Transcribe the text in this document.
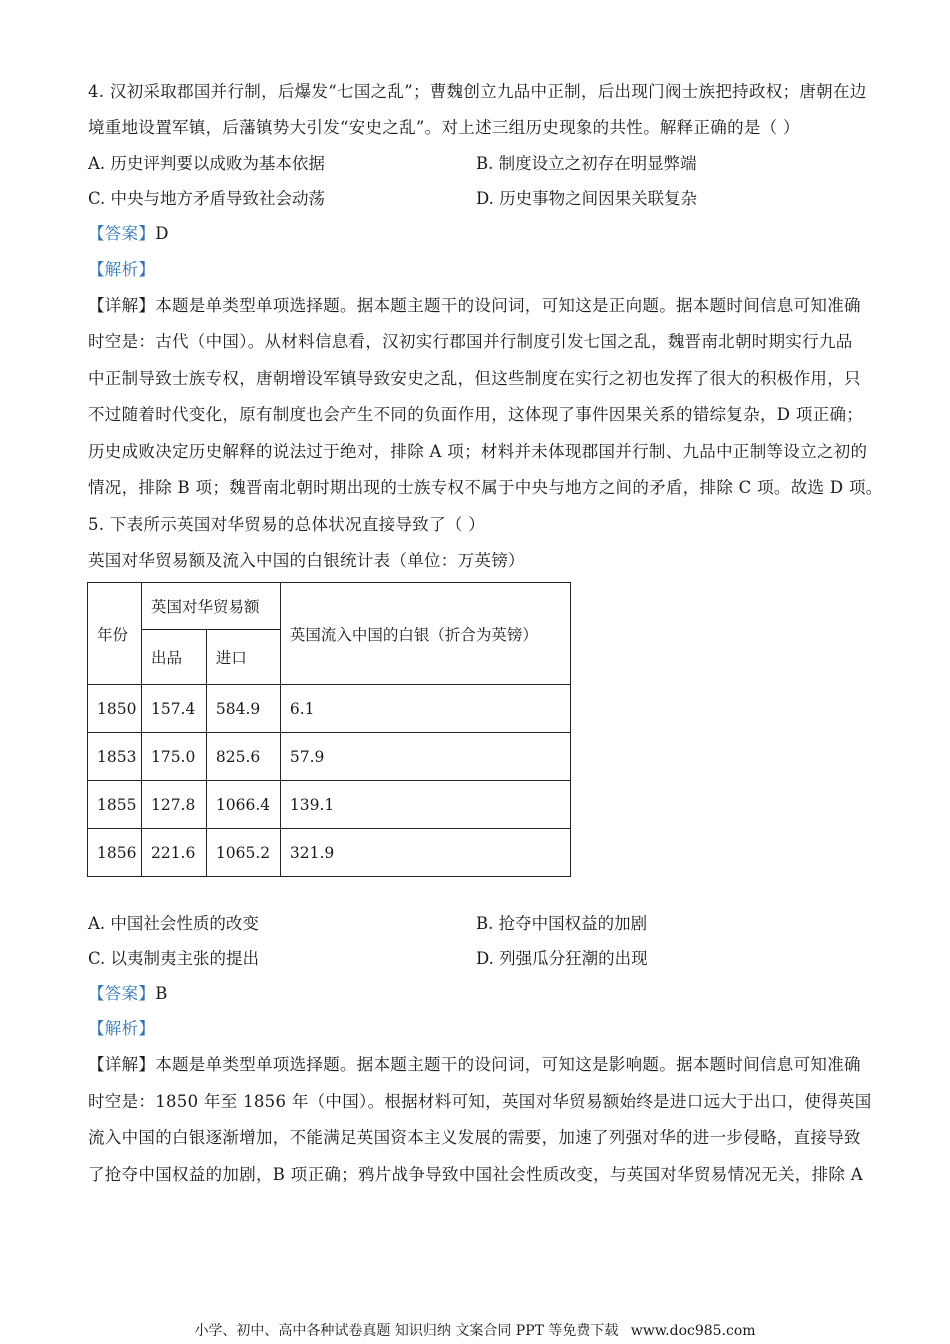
4. 汉初采取郡国并行制，后爆发“七国之乱”；曹魏创立九品中正制，后出现门阀士族把持政权；唐朝在边
境重地设置军镇，后藩镇势大引发“安史之乱”。对上述三组历史现象的共性。解释正确的是（ ）
A. 历史评判要以成败为基本依据	B. 制度设立之初存在明显弊端
C. 中央与地方矛盾导致社会动荡	D. 历史事物之间因果关联复杂
【答案】D
【解析】
【详解】本题是单类型单项选择题。据本题主题干的设问词，可知这是正向题。据本题时间信息可知准确
时空是：古代（中国）。从材料信息看，汉初实行郡国并行制度引发七国之乱，魏晋南北朝时期实行九品
中正制导致士族专权，唐朝增设军镇导致安史之乱，但这些制度在实行之初也发挥了很大的积极作用，只
不过随着时代变化，原有制度也会产生不同的负面作用，这体现了事件因果关系的错综复杂，D 项正确；
历史成败决定历史解释的说法过于绝对，排除 A 项；材料并未体现郡国并行制、九品中正制等设立之初的
情况，排除 B 项；魏晋南北朝时期出现的士族专权不属于中央与地方之间的矛盾，排除 C 项。故选 D 项。
5. 下表所示英国对华贸易的总体状况直接导致了（ ）
英国对华贸易额及流入中国的白银统计表（单位：万英镑）
年份	英国对华贸易额		英国流入中国的白银（折合为英镑）
	出品	进口	
1850	157.4	584.9	6.1
1853	175.0	825.6	57.9
1855	127.8	1066.4	139.1
1856	221.6	1065.2	321.9
A. 中国社会性质的改变	B. 抢夺中国权益的加剧
C. 以夷制夷主张的提出	D. 列强瓜分狂潮的出现
【答案】B
【解析】
【详解】本题是单类型单项选择题。据本题主题干的设问词，可知这是影响题。据本题时间信息可知准确
时空是：1850 年至 1856 年（中国）。根据材料可知，英国对华贸易额始终是进口远大于出口，使得英国
流入中国的白银逐渐增加，不能满足英国资本主义发展的需要，加速了列强对华的进一步侵略，直接导致
了抢夺中国权益的加剧，B 项正确；鸦片战争导致中国社会性质改变，与英国对华贸易情况无关，排除 A
小学、初中、高中各种试卷真题 知识归纳 文案合同 PPT 等免费下载 www.doc985.com
